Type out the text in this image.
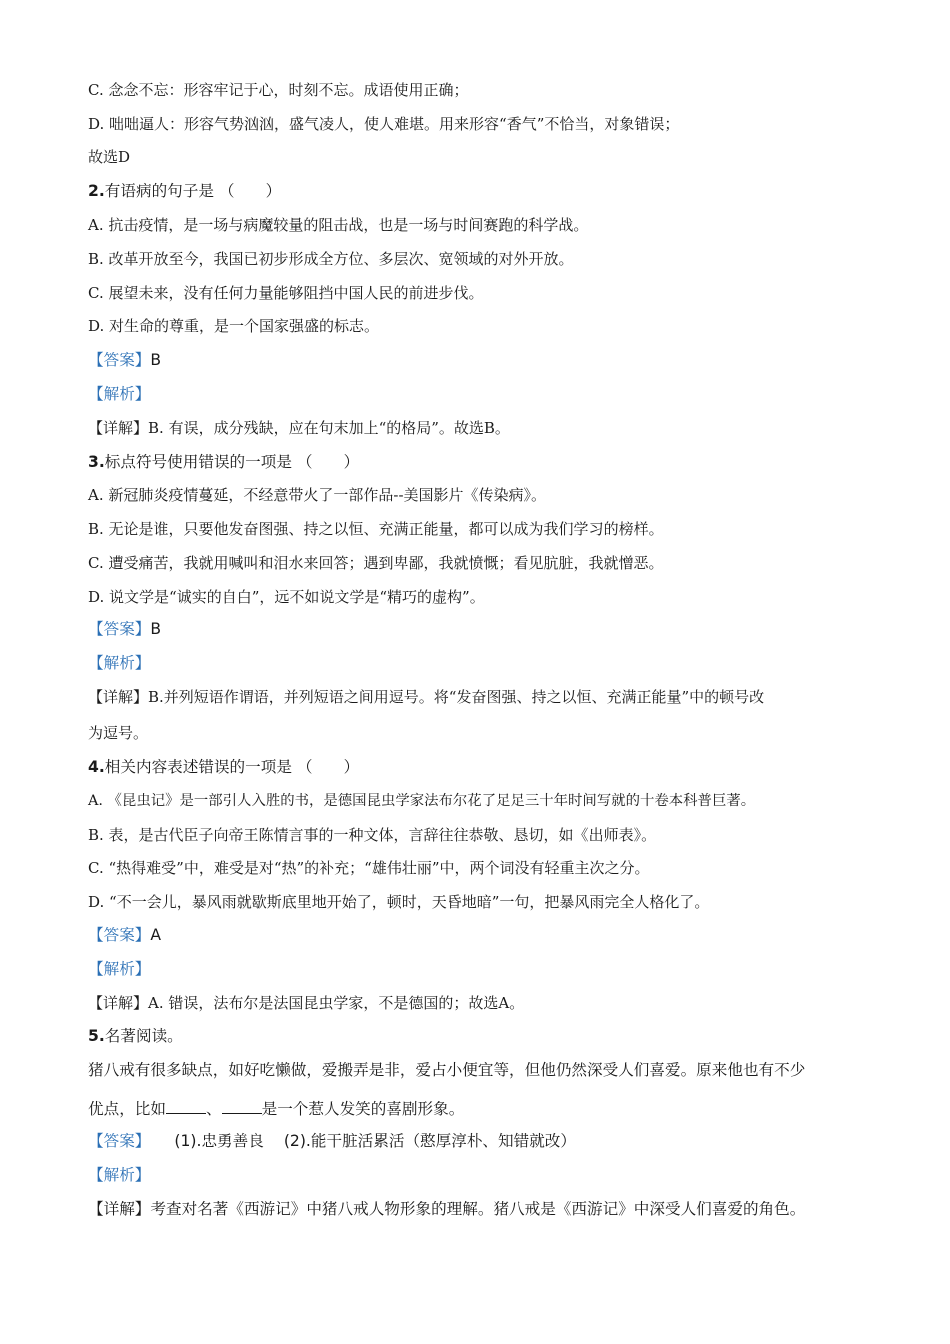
C. 念念不忘：形容牢记于心，时刻不忘。成语使用正确；
D. 咄咄逼人：形容气势汹汹，盛气凌人，使人难堪。用来形容“香气”不恰当，对象错误；
故选D
2.有语病的句子是 （　　）
A. 抗击疫情，是一场与病魔较量的阻击战，也是一场与时间赛跑的科学战。
B. 改革开放至今，我国已初步形成全方位、多层次、宽领域的对外开放。
C. 展望未来，没有任何力量能够阻挡中国人民的前进步伐。
D. 对生命的尊重，是一个国家强盛的标志。
【答案】B
【解析】
【详解】B. 有误，成分残缺，应在句末加上“的格局”。故选B。
3.标点符号使用错误的一项是 （　　）
A. 新冠肺炎疫情蔓延，不经意带火了一部作品--美国影片《传染病》。
B. 无论是谁，只要他发奋图强、持之以恒、充满正能量，都可以成为我们学习的榜样。
C. 遭受痛苦，我就用喊叫和泪水来回答；遇到卑鄙，我就愤慨；看见肮脏，我就憎恶。
D. 说文学是“诚实的自白”，远不如说文学是“精巧的虚构”。
【答案】B
【解析】
【详解】B.并列短语作谓语，并列短语之间用逗号。将“发奋图强、持之以恒、充满正能量”中的顿号改
为逗号。
4.相关内容表述错误的一项是 （　　）
A. 《昆虫记》是一部引人入胜的书，是德国昆虫学家法布尔花了足足三十年时间写就的十卷本科普巨著。
B. 表，是古代臣子向帝王陈情言事的一种文体，言辞往往恭敬、恳切，如《出师表》。
C. “热得难受”中，难受是对“热”的补充；“雄伟壮丽”中，两个词没有轻重主次之分。
D. “不一会儿，暴风雨就歇斯底里地开始了，顿时，天昏地暗”一句，把暴风雨完全人格化了。
【答案】A
【解析】
【详解】A. 错误，法布尔是法国昆虫学家，不是德国的；故选A。
5.名著阅读。
猪八戒有很多缺点，如好吃懒做，爱搬弄是非，爱占小便宜等，但他仍然深受人们喜爱。原来他也有不少
优点，比如	、	是一个惹人发笑的喜剧形象。
【答案】 (1).忠勇善良 (2).能干脏活累活（憨厚淳朴、知错就改）
【解析】
【详解】考查对名著《西游记》中猪八戒人物形象的理解。猪八戒是《西游记》中深受人们喜爱的角色。
